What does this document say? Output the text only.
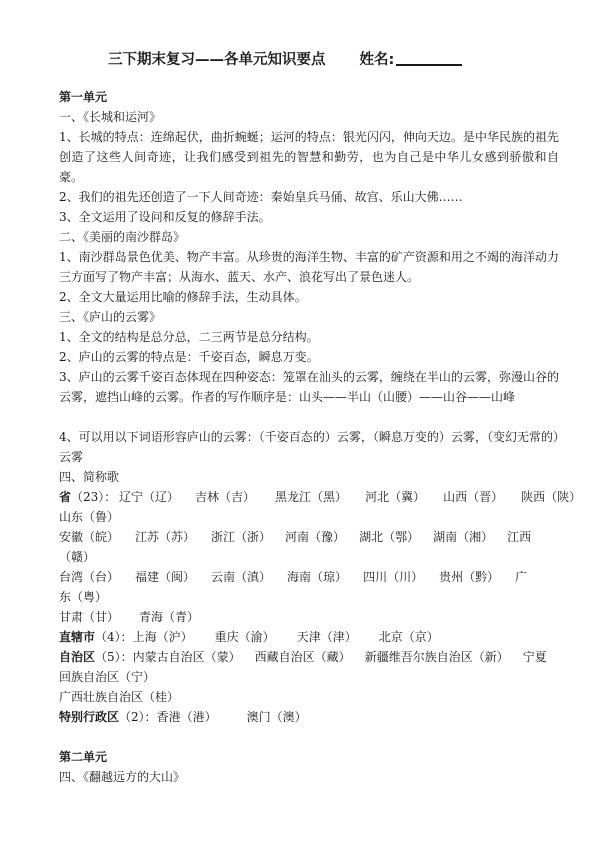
三下期末复习——各单元知识要点 姓名:
第一单元
一、《长城和运河》
1、长城的特点：连绵起伏，曲折蜿蜒；运河的特点：银光闪闪，伸向天边。是中华民族的祖先创造了这些人间奇迹，让我们感受到祖先的智慧和勤劳，也为自己是中华儿女感到骄傲和自豪。
2、我们的祖先还创造了一下人间奇迹：秦始皇兵马俑、故宫、乐山大佛……
3、全文运用了设问和反复的修辞手法。
二、《美丽的南沙群岛》
1、南沙群岛景色优美、物产丰富。从珍贵的海洋生物、丰富的矿产资源和用之不竭的海洋动力三方面写了物产丰富；从海水、蓝天、水产、浪花写出了景色迷人。
2、全文大量运用比喻的修辞手法，生动具体。
三、《庐山的云雾》
1、全文的结构是总分总，二三两节是总分结构。
2、庐山的云雾的特点是：千姿百态，瞬息万变。
3、庐山的云雾千姿百态体现在四种姿态：笼罩在汕头的云雾，缠绕在半山的云雾，弥漫山谷的云雾，遮挡山峰的云雾。作者的写作顺序是：山头——半山（山腰）——山谷——山峰
4、可以用以下词语形容庐山的云雾：（千姿百态的）云雾，（瞬息万变的）云雾，（变幻无常的）云雾
四、简称歌
省 （23）： 辽宁（辽） 吉林（吉） 黑龙江（黑） 河北（冀） 山西（晋） 陕西（陕）
山东（鲁）
安徽（皖） 江苏（苏） 浙江（浙） 河南（豫） 湖北（鄂） 湖南（湘） 江西
（赣）
台湾（台） 福建（闽） 云南（滇） 海南（琼） 四川（川） 贵州（黔） 广
东（粤）
甘肃（甘） 青海（青）
直辖市 （4）： 上海（沪） 重庆（渝） 天津（津） 北京（京）
自治区 （5）： 内蒙古自治区（蒙） 西藏自治区（藏） 新疆维吾尔族自治区（新） 宁夏
回族自治区（宁）
广西壮族自治区（桂）
特别行政区 （2）： 香港（港）	澳门（澳）
第二单元
四、《翻越远方的大山》
